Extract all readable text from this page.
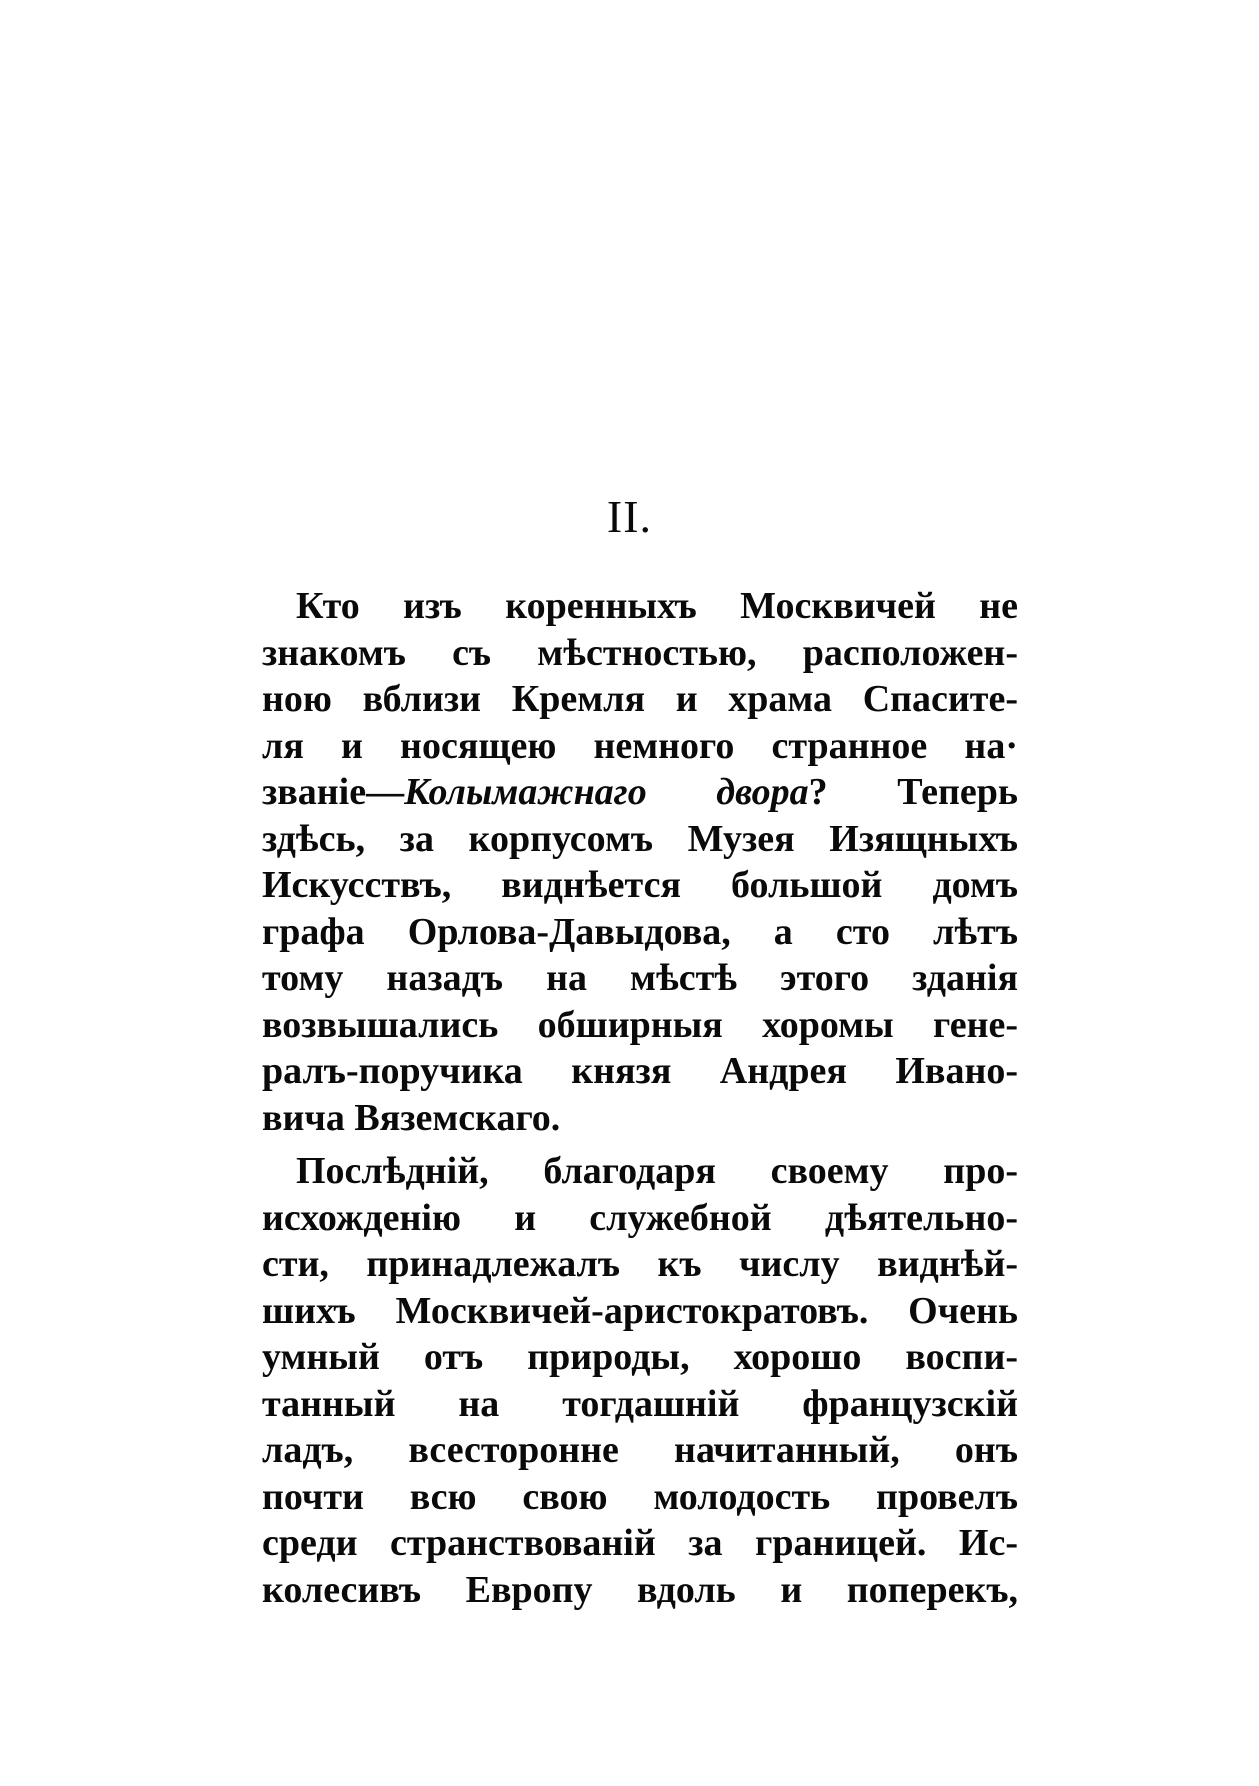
II.
Кто изъ коренныхъ Москвичей не
знакомъ съ мѣстностью, расположен-
ною вблизи Кремля и храма Спасите-
ля и носящею немного странное на·
званіе—Колымажнаго двора? Теперь
здѣсь, за корпусомъ Музея Изящныхъ
Искусствъ, виднѣется большой домъ
графа Орлова-Давыдова, а сто лѣтъ
тому назадъ на мѣстѣ этого зданія
возвышались обширныя хоромы гене-
ралъ-поручика князя Андрея Ивано-
вича Вяземскаго.
Послѣдній, благодаря своему про-
исхожденію и служебной дѣятельно-
сти, принадлежалъ къ числу виднѣй-
шихъ Москвичей-аристократовъ. Очень
умный отъ природы, хорошо воспи-
танный на тогдашній французскій
ладъ, всесторонне начитанный, онъ
почти всю свою молодость провелъ
среди странствованій за границей. Ис-
колесивъ Европу вдоль и поперекъ,
